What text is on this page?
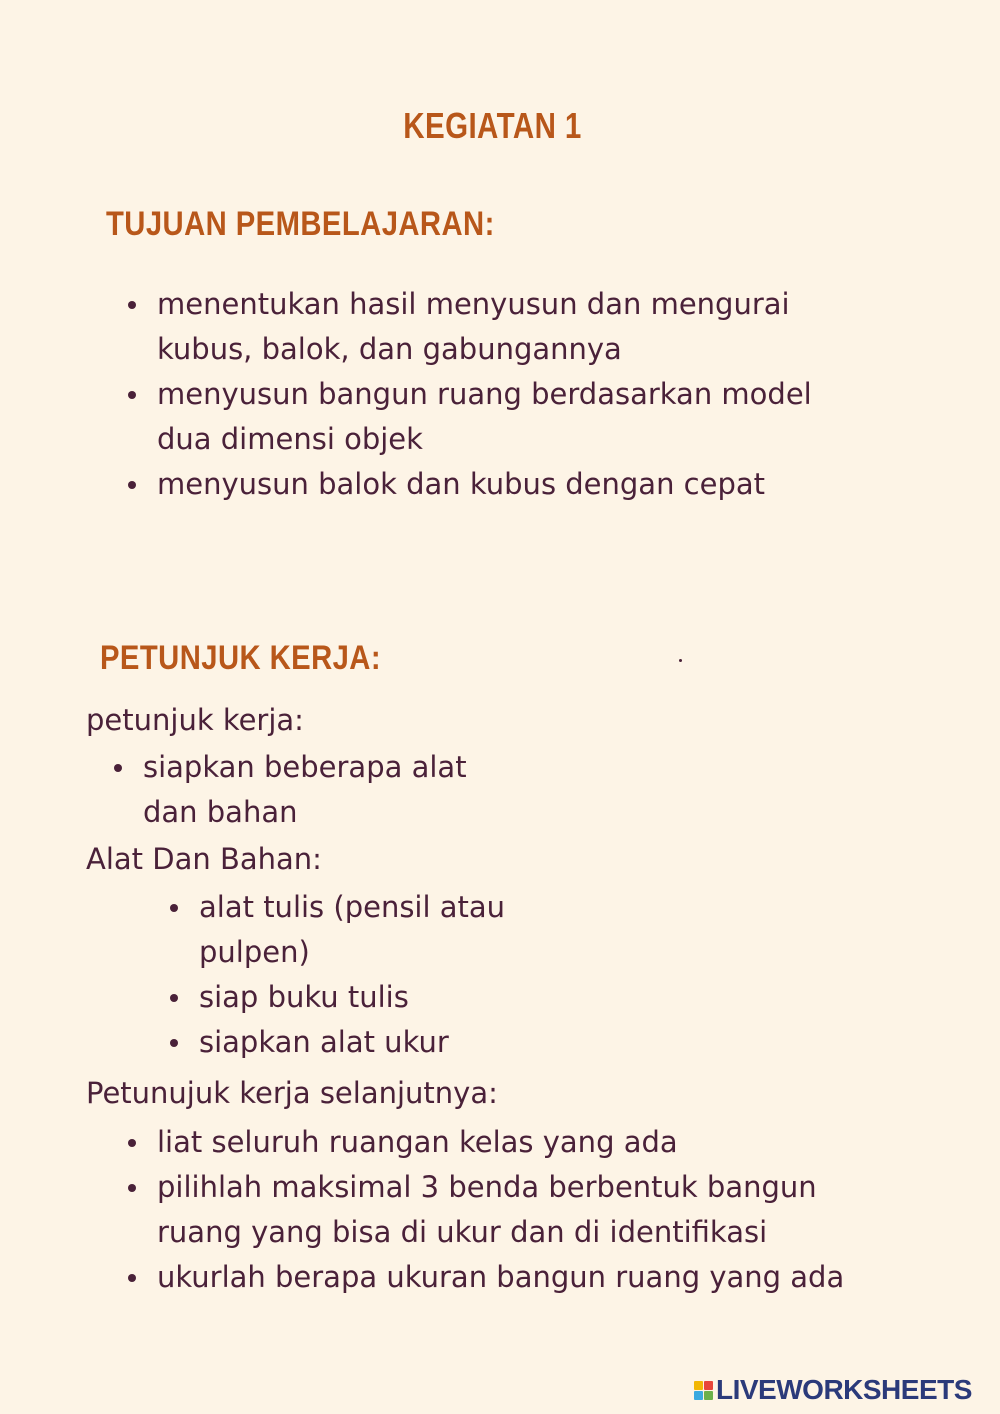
KEGIATAN 1
TUJUAN PEMBELAJARAN:
menentukan hasil menyusun dan mengurai kubus, balok, dan gabungannya
menyusun bangun ruang berdasarkan model dua dimensi objek
menyusun balok dan kubus dengan cepat
PETUNJUK KERJA:

petunjuk kerja:

siapkan beberapa alat dan bahan

Alat Dan Bahan:

alat tulis (pensil atau pulpen)
siap buku tulis
siapkan alat ukur

Petunujuk kerja selanjutnya:

liat seluruh ruangan kelas yang ada
pilihlah maksimal 3 benda berbentuk bangun ruang yang bisa di ukur dan di identifikasi
ukurlah berapa ukuran bangun ruang yang ada
LIVEWORKSHEETS
